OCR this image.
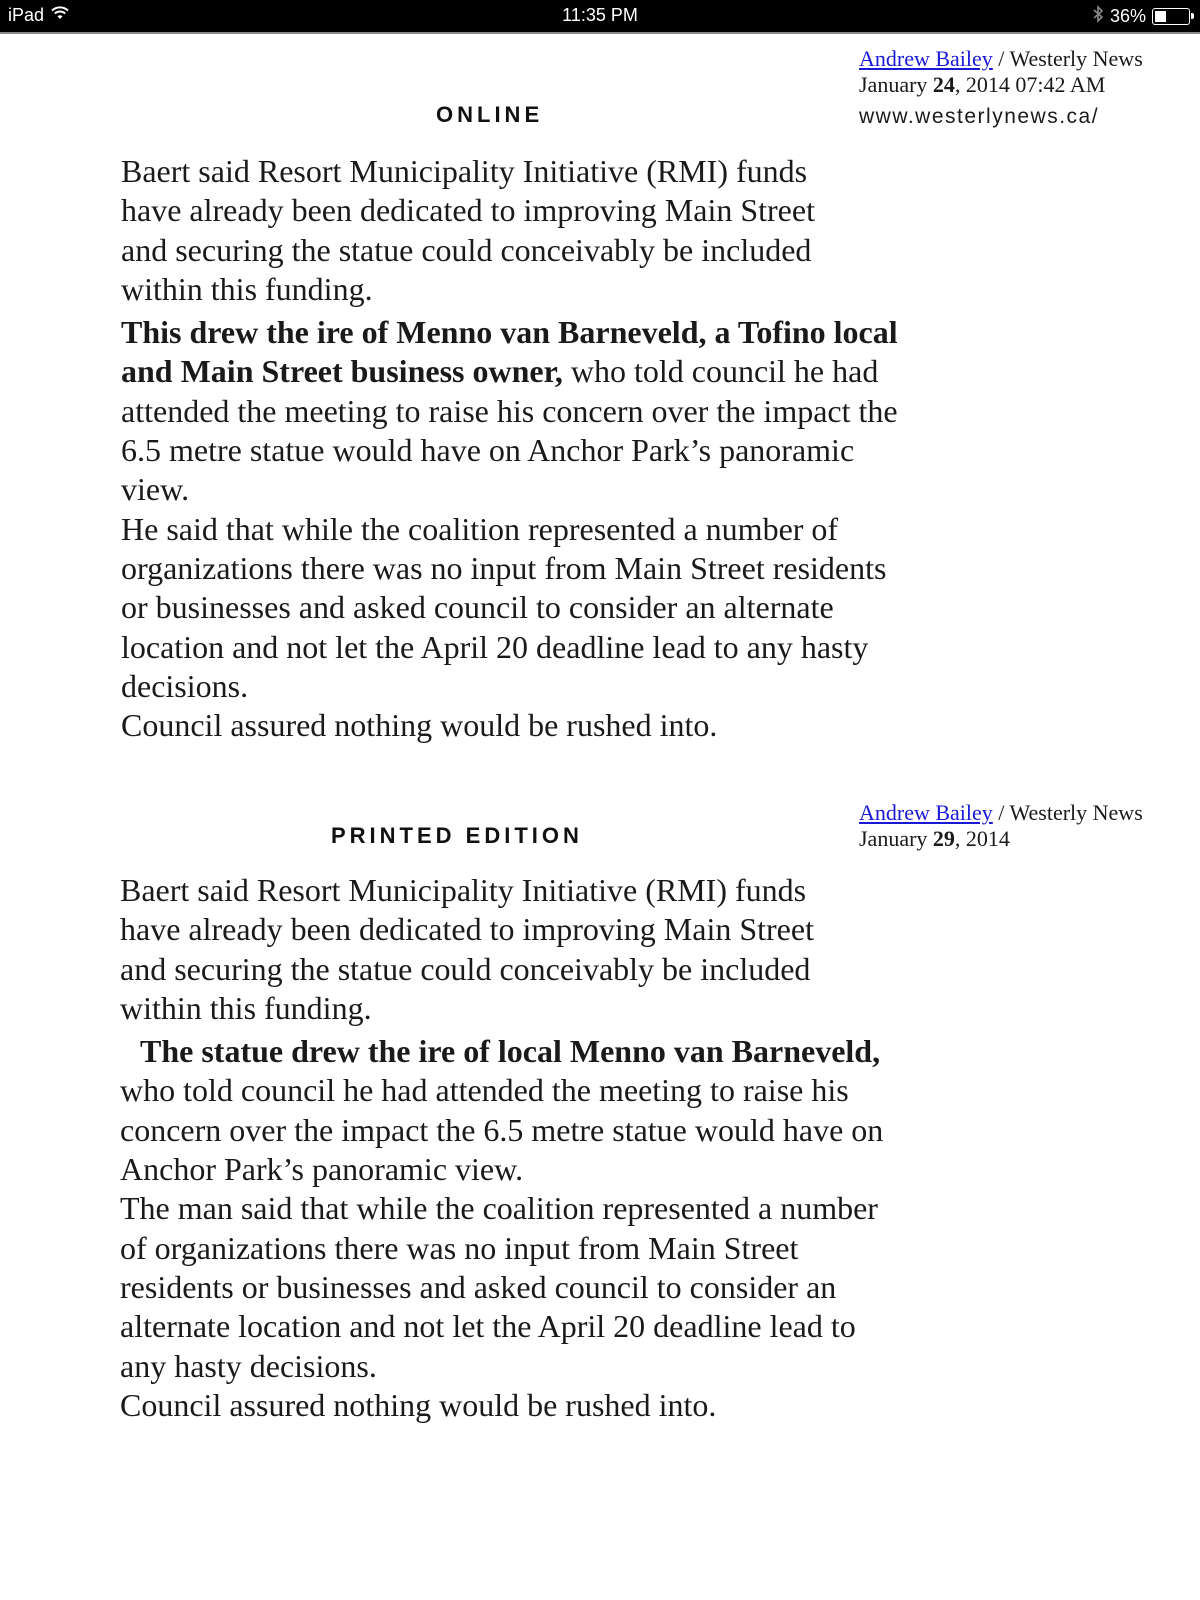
iPad	11:35 PM	36%
Andrew Bailey / Westerly News
January 24, 2014 07:42 AM
www.westerlynews.ca/
ONLINE

Baert said Resort Municipality Initiative (RMI) funds
have already been dedicated to improving Main Street
and securing the statue could conceivably be included
within this funding.

This drew the ire of Menno van Barneveld, a Tofino local
and Main Street business owner, who told council he had
attended the meeting to raise his concern over the impact the
6.5 metre statue would have on Anchor Park’s panoramic
view.
He said that while the coalition represented a number of
organizations there was no input from Main Street residents
or businesses and asked council to consider an alternate
location and not let the April 20 deadline lead to any hasty
decisions.
Council assured nothing would be rushed into.

Andrew Bailey / Westerly News
January 29, 2014
PRINTED EDITION

Baert said Resort Municipality Initiative (RMI) funds
have already been dedicated to improving Main Street
and securing the statue could conceivably be included
within this funding.

The statue drew the ire of local Menno van Barneveld,
who told council he had attended the meeting to raise his
concern over the impact the 6.5 metre statue would have on
Anchor Park’s panoramic view.
The man said that while the coalition represented a number
of organizations there was no input from Main Street
residents or businesses and asked council to consider an
alternate location and not let the April 20 deadline lead to
any hasty decisions.
Council assured nothing would be rushed into.
